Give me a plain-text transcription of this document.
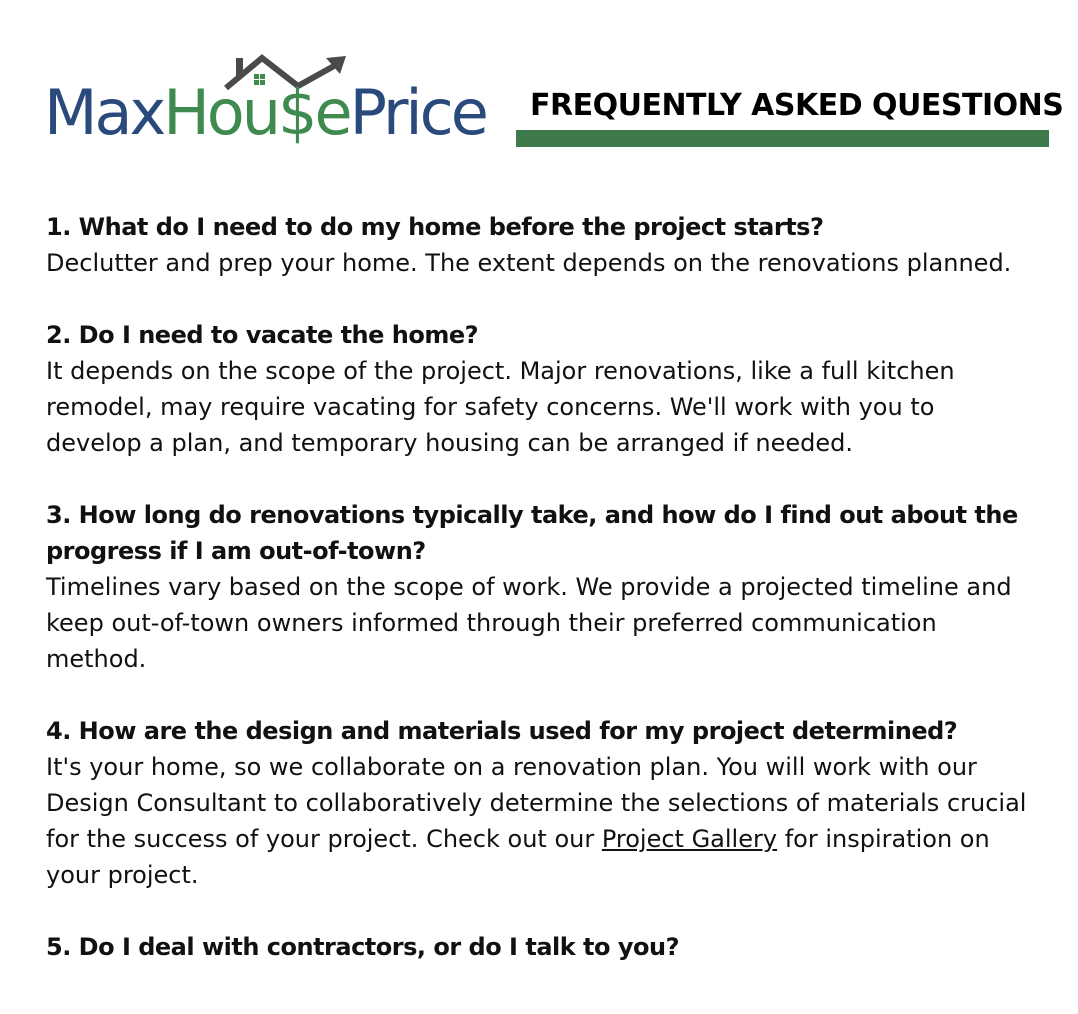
MaxHou$ePrice FREQUENTLY ASKED QUESTIONS

1. What do I need to do my home before the project starts?

Declutter and prep your home. The extent depends on the renovations planned.

2. Do I need to vacate the home?

It depends on the scope of the project. Major renovations, like a full kitchen remodel, may require vacating for safety concerns. We'll work with you to develop a plan, and temporary housing can be arranged if needed.

3. How long do renovations typically take, and how do I find out about the progress if I am out-of-town?

Timelines vary based on the scope of work. We provide a projected timeline and keep out-of-town owners informed through their preferred communication method.

4. How are the design and materials used for my project determined?

It's your home, so we collaborate on a renovation plan. You will work with our Design Consultant to collaboratively determine the selections of materials crucial for the success of your project. Check out our Project Gallery for inspiration on your project.

5. Do I deal with contractors, or do I talk to you?
